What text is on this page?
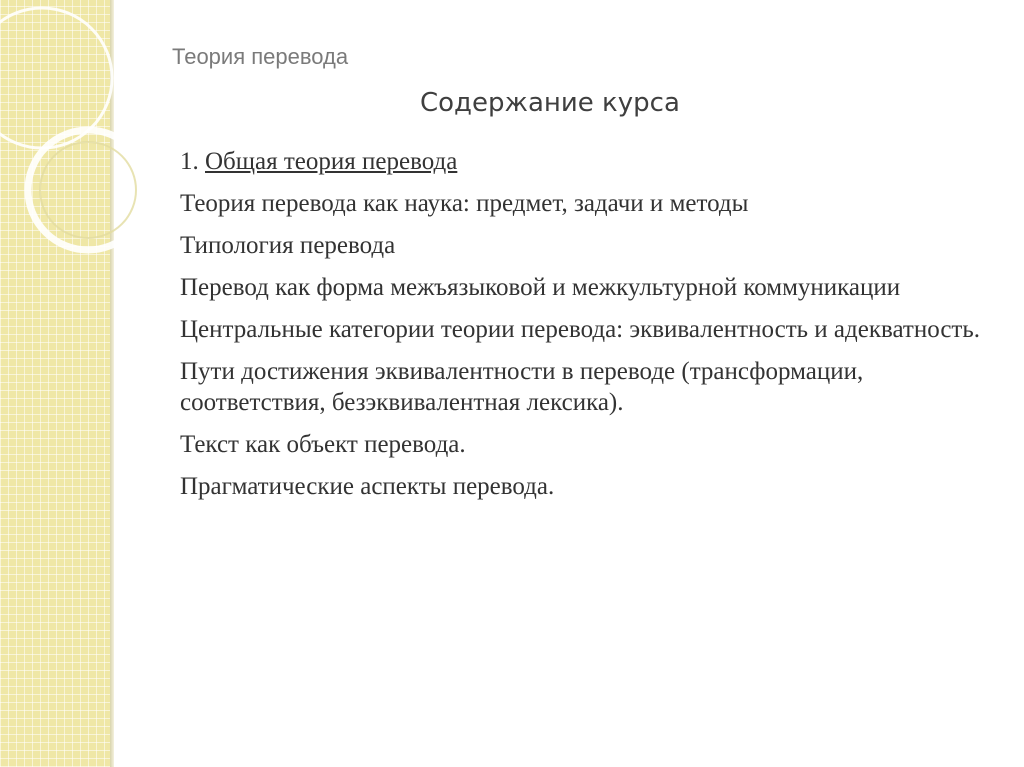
Теория перевода
Содержание курса
1. Общая теория перевода
Теория перевода как наука: предмет, задачи и методы
Типология перевода
Перевод как форма межъязыковой и межкультурной коммуникации
Центральные категории теории перевода: эквивалентность и адекватность.
Пути достижения эквивалентности в переводе (трансформации, соответствия, безэквивалентная лексика).
Текст как объект перевода.
Прагматические аспекты перевода.
